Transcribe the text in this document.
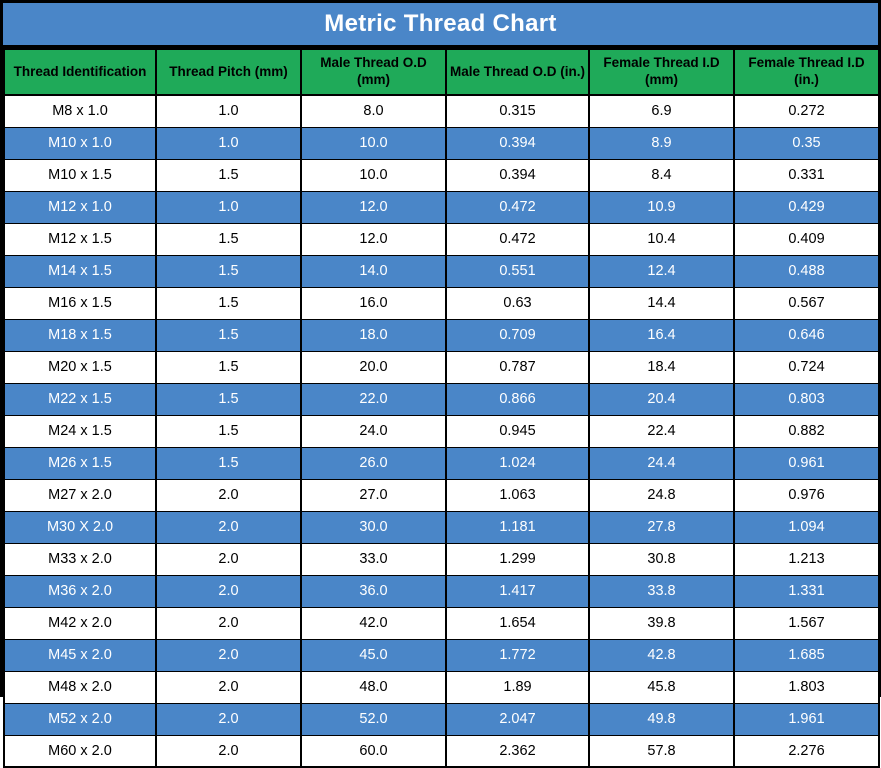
Metric Thread Chart
Thread Identification	Thread Pitch (mm)	Male Thread O.D (mm)	Male Thread O.D (in.)	Female Thread I.D (mm)	Female Thread I.D (in.)
M8 x 1.0	1.0	8.0	0.315	6.9	0.272
M10 x 1.0	1.0	10.0	0.394	8.9	0.35
M10 x 1.5	1.5	10.0	0.394	8.4	0.331
M12 x 1.0	1.0	12.0	0.472	10.9	0.429
M12 x 1.5	1.5	12.0	0.472	10.4	0.409
M14 x 1.5	1.5	14.0	0.551	12.4	0.488
M16 x 1.5	1.5	16.0	0.63	14.4	0.567
M18 x 1.5	1.5	18.0	0.709	16.4	0.646
M20 x 1.5	1.5	20.0	0.787	18.4	0.724
M22 x 1.5	1.5	22.0	0.866	20.4	0.803
M24 x 1.5	1.5	24.0	0.945	22.4	0.882
M26 x 1.5	1.5	26.0	1.024	24.4	0.961
M27 x 2.0	2.0	27.0	1.063	24.8	0.976
M30 X 2.0	2.0	30.0	1.181	27.8	1.094
M33 x 2.0	2.0	33.0	1.299	30.8	1.213
M36 x 2.0	2.0	36.0	1.417	33.8	1.331
M42 x 2.0	2.0	42.0	1.654	39.8	1.567
M45 x 2.0	2.0	45.0	1.772	42.8	1.685
M48 x 2.0	2.0	48.0	1.89	45.8	1.803
M52 x 2.0	2.0	52.0	2.047	49.8	1.961
M60 x 2.0	2.0	60.0	2.362	57.8	2.276
